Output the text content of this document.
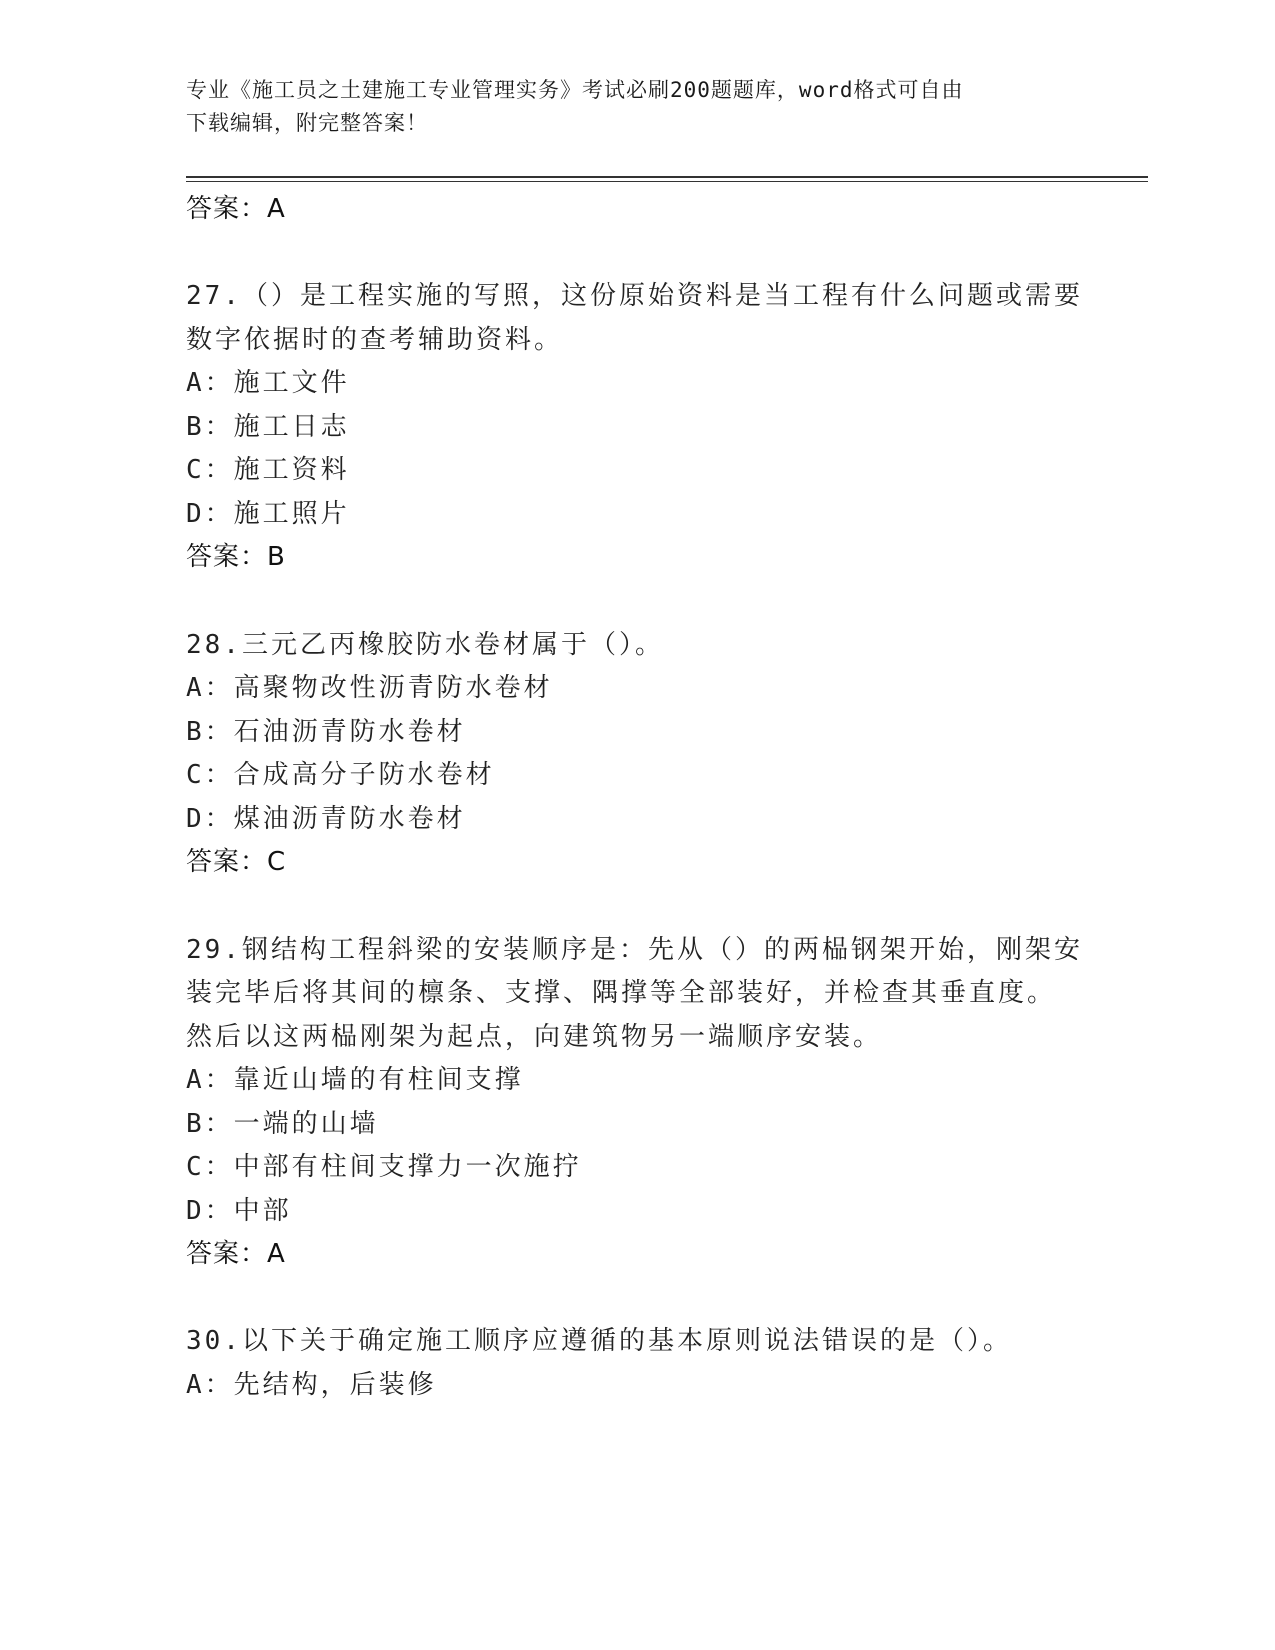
专业《施工员之土建施工专业管理实务》考试必刷200题题库，word格式可自由
下载编辑，附完整答案！
答案：A
27.（）是工程实施的写照，这份原始资料是当工程有什么问题或需要
数字依据时的查考辅助资料。
A：施工文件
B：施工日志
C：施工资料
D：施工照片
答案：B
28.三元乙丙橡胶防水卷材属于（）。
A：高聚物改性沥青防水卷材
B：石油沥青防水卷材
C：合成高分子防水卷材
D：煤油沥青防水卷材
答案：C
29.钢结构工程斜梁的安装顺序是：先从（）的两榀钢架开始，刚架安
装完毕后将其间的檩条、支撑、隅撑等全部装好，并检查其垂直度。
然后以这两榀刚架为起点，向建筑物另一端顺序安装。
A：靠近山墙的有柱间支撑
B：一端的山墙
C：中部有柱间支撑力一次施拧
D：中部
答案：A
30.以下关于确定施工顺序应遵循的基本原则说法错误的是（）。
A：先结构，后装修
